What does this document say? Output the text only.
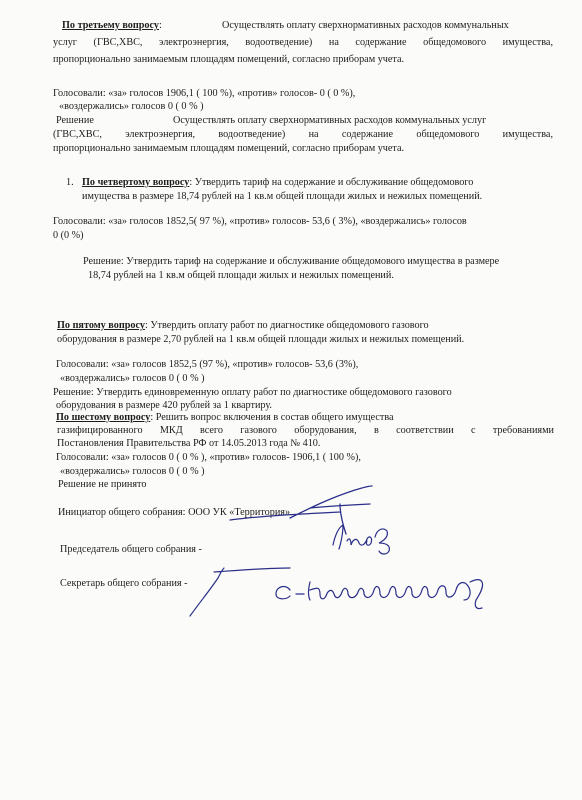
По третьему вопросу:	Осуществлять оплату сверхнормативных расходов коммунальных
услуг (ГВС,ХВС, электроэнергия, водоотведение) на содержание общедомового имущества,
пропорционально занимаемым площадям помещений, согласно приборам учета.
Голосовали: «за» голосов 1906,1 ( 100 %), «против» голосов- 0 ( 0 %),
«воздержались» голосов 0 ( 0 % )
Решение	Осуществлять оплату сверхнормативных расходов коммунальных услуг
(ГВС,ХВС, электроэнергия, водоотведение) на содержание общедомового имущества,
пропорционально занимаемым площадям помещений, согласно приборам учета.
1. По четвертому вопросу: Утвердить тариф на содержание и обслуживание общедомового
имущества в размере 18,74 рублей на 1 кв.м общей площади жилых и нежилых помещений.
Голосовали: «за» голосов 1852,5( 97 %), «против» голосов- 53,6 ( 3%), «воздержались» голосов
0 (0 %)
Решение: Утвердить тариф на содержание и обслуживание общедомового имущества в размере
18,74 рублей на 1 кв.м общей площади жилых и нежилых помещений.
По пятому вопросу: Утвердить оплату работ по диагностике общедомового газового
оборудования в размере 2,70 рублей на 1 кв.м общей площади жилых и нежилых помещений.
Голосовали: «за» голосов 1852,5 (97 %), «против» голосов- 53,6 (3%),
«воздержались» голосов 0 ( 0 % )
Решение: Утвердить единовременную оплату работ по диагностике общедомового газового
оборудования в размере 420 рублей за 1 квартиру.
По шестому вопросу: Решить вопрос включения в состав общего имущества
газифицированного МКД всего газового оборудования, в соответствии с требованиями
Постановления Правительства РФ от 14.05.2013 года № 410.
Голосовали: «за» голосов 0 ( 0 % ), «против» голосов- 1906,1 ( 100 %),
«воздержались» голосов 0 ( 0 % )
Решение не принято
Инициатор общего собрания: ООО УК «Территория»
Председатель общего собрания -
Секретарь общего собрания -
